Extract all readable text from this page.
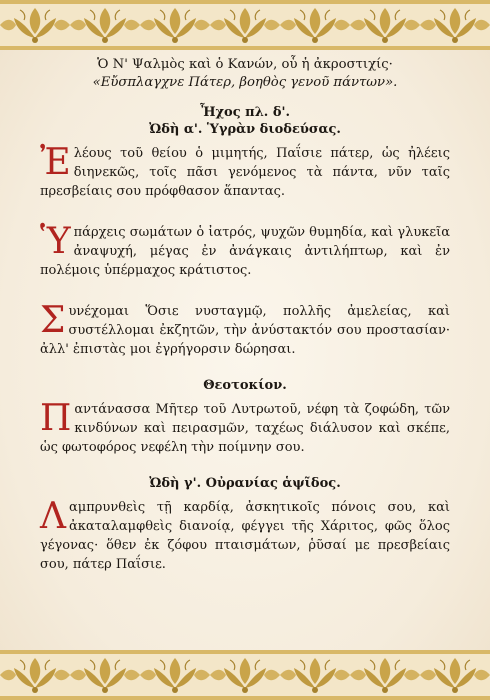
Ὁ Ν' Ψαλμὸς καὶ ὁ Κανών, οὗ ἡ ἀκροστιχίς·
«Εὔσπλαγχνε Πάτερ, βοηθὸς γενοῦ πάντων».
Ἦχος πλ. δ'.
Ὠδὴ α'. Ὑγρὰν διοδεύσας.

Ἐλέους τοῦ θείου ὁ μιμητής, Παΐσιε πάτερ, ὡς ἠλέεις διηνεκῶς, τοῖς πᾶσι γενόμενος τὰ πάντα, νῦν ταῖς πρεσβείαις σου πρόφθασον ἅπαντας.

Ὑπάρχεις σωμάτων ὁ ἰατρός, ψυχῶν θυμηδία, καὶ γλυκεῖα ἀναψυχή, μέγας ἐν ἀνάγκαις ἀντιλήπτωρ, καὶ ἐν πολέμοις ὑπέρμαχος κράτιστος.

Συνέχομαι Ὅσιε νυσταγμῷ, πολλῆς ἀμελείας, καὶ συστέλλομαι ἐκζητῶν, τὴν ἀνύστακτόν σου προστασίαν· ἀλλ' ἐπιστὰς μοι ἐγρήγορσιν δώρησαι.

Θεοτοκίον.

Παντάνασσα Μῆτερ τοῦ Λυτρωτοῦ, νέφη τὰ ζοφώδη, τῶν κινδύνων καὶ πειρασμῶν, ταχέως διάλυσον καὶ σκέπε, ὡς φωτοφόρος νεφέλη τὴν ποίμνην σου.

Ὠδὴ γ'. Οὐρανίας ἁψῖδος.

Λαμπρυνθεὶς τῇ καρδίᾳ, ἀσκητικοῖς πόνοις σου, καὶ ἀκαταλαμφθεὶς διανοίᾳ, φέγγει τῆς Χάριτος, φῶς ὅλος γέγονας· ὅθεν ἐκ ζόφου πταισμάτων, ῥῦσαί με πρεσβείαις σου, πάτερ Παΐσιε.
